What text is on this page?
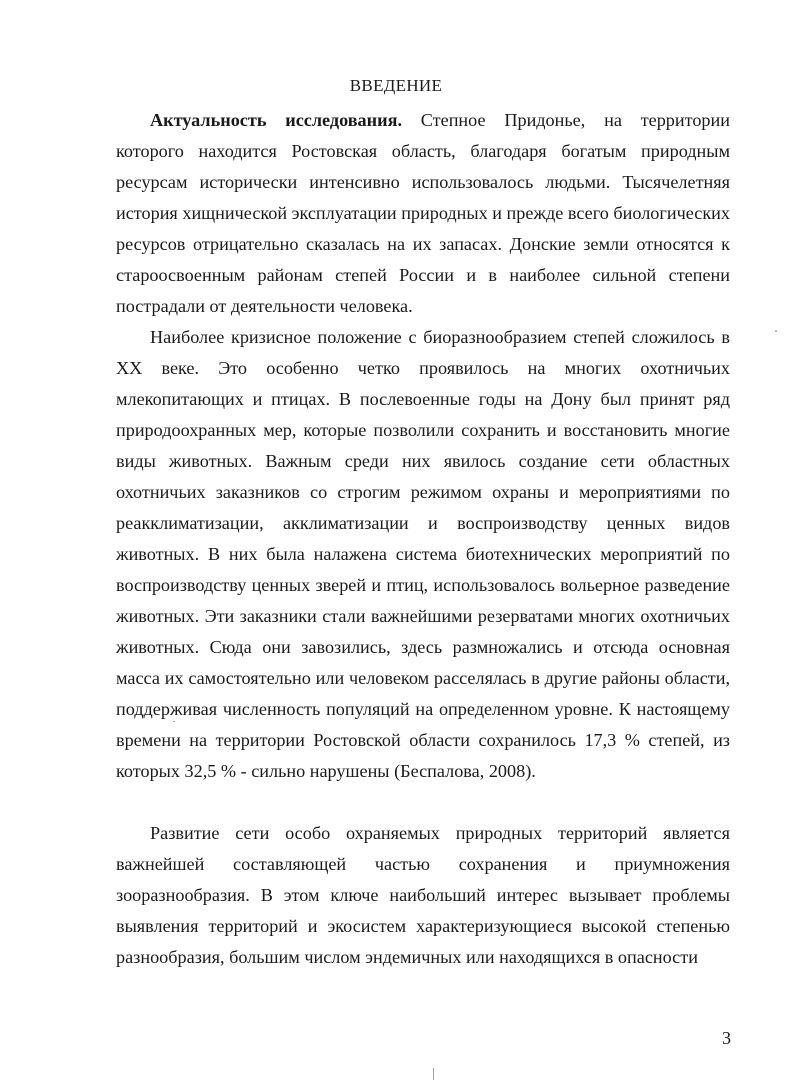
ВВЕДЕНИЕ

Актуальность исследования. Степное Придонье, на территории которого находится Ростовская область, благодаря богатым природным ресурсам исторически интенсивно использовалось людьми. Тысячелетняя история хищнической эксплуатации природных и прежде всего биологических ресурсов отрицательно сказалась на их запасах. Донские земли относятся к староосвоенным районам степей России и в наиболее сильной степени пострадали от деятельности человека.

Наиболее кризисное положение с биоразнообразием степей сложилось в XX веке. Это особенно четко проявилось на многих охотничьих млекопитающих и птицах. В послевоенные годы на Дону был принят ряд природоохранных мер, которые позволили сохранить и восстановить многие виды животных. Важным среди них явилось создание сети областных охотничьих заказников со строгим режимом охраны и мероприятиями по реакклиматизации, акклиматизации и воспроизводству ценных видов животных. В них была налажена система биотехнических мероприятий по воспроизводству ценных зверей и птиц, использовалось вольерное разведение животных. Эти заказники стали важнейшими резерватами многих охотничьих животных. Сюда они завозились, здесь размножались и отсюда основная масса их самостоятельно или человеком расселялась в другие районы области, поддерживая численность популяций на определенном уровне. К настоящему времени на территории Ростовской области сохранилось 17,3 % степей, из которых 32,5 % - сильно нарушены (Беспалова, 2008).

Развитие сети особо охраняемых природных территорий является важнейшей составляющей частью сохранения и приумножения зооразнообразия. В этом ключе наибольший интерес вызывает проблемы выявления территорий и экосистем характеризующиеся высокой степенью разнообразия, большим числом эндемичных или находящихся в опасности

3
